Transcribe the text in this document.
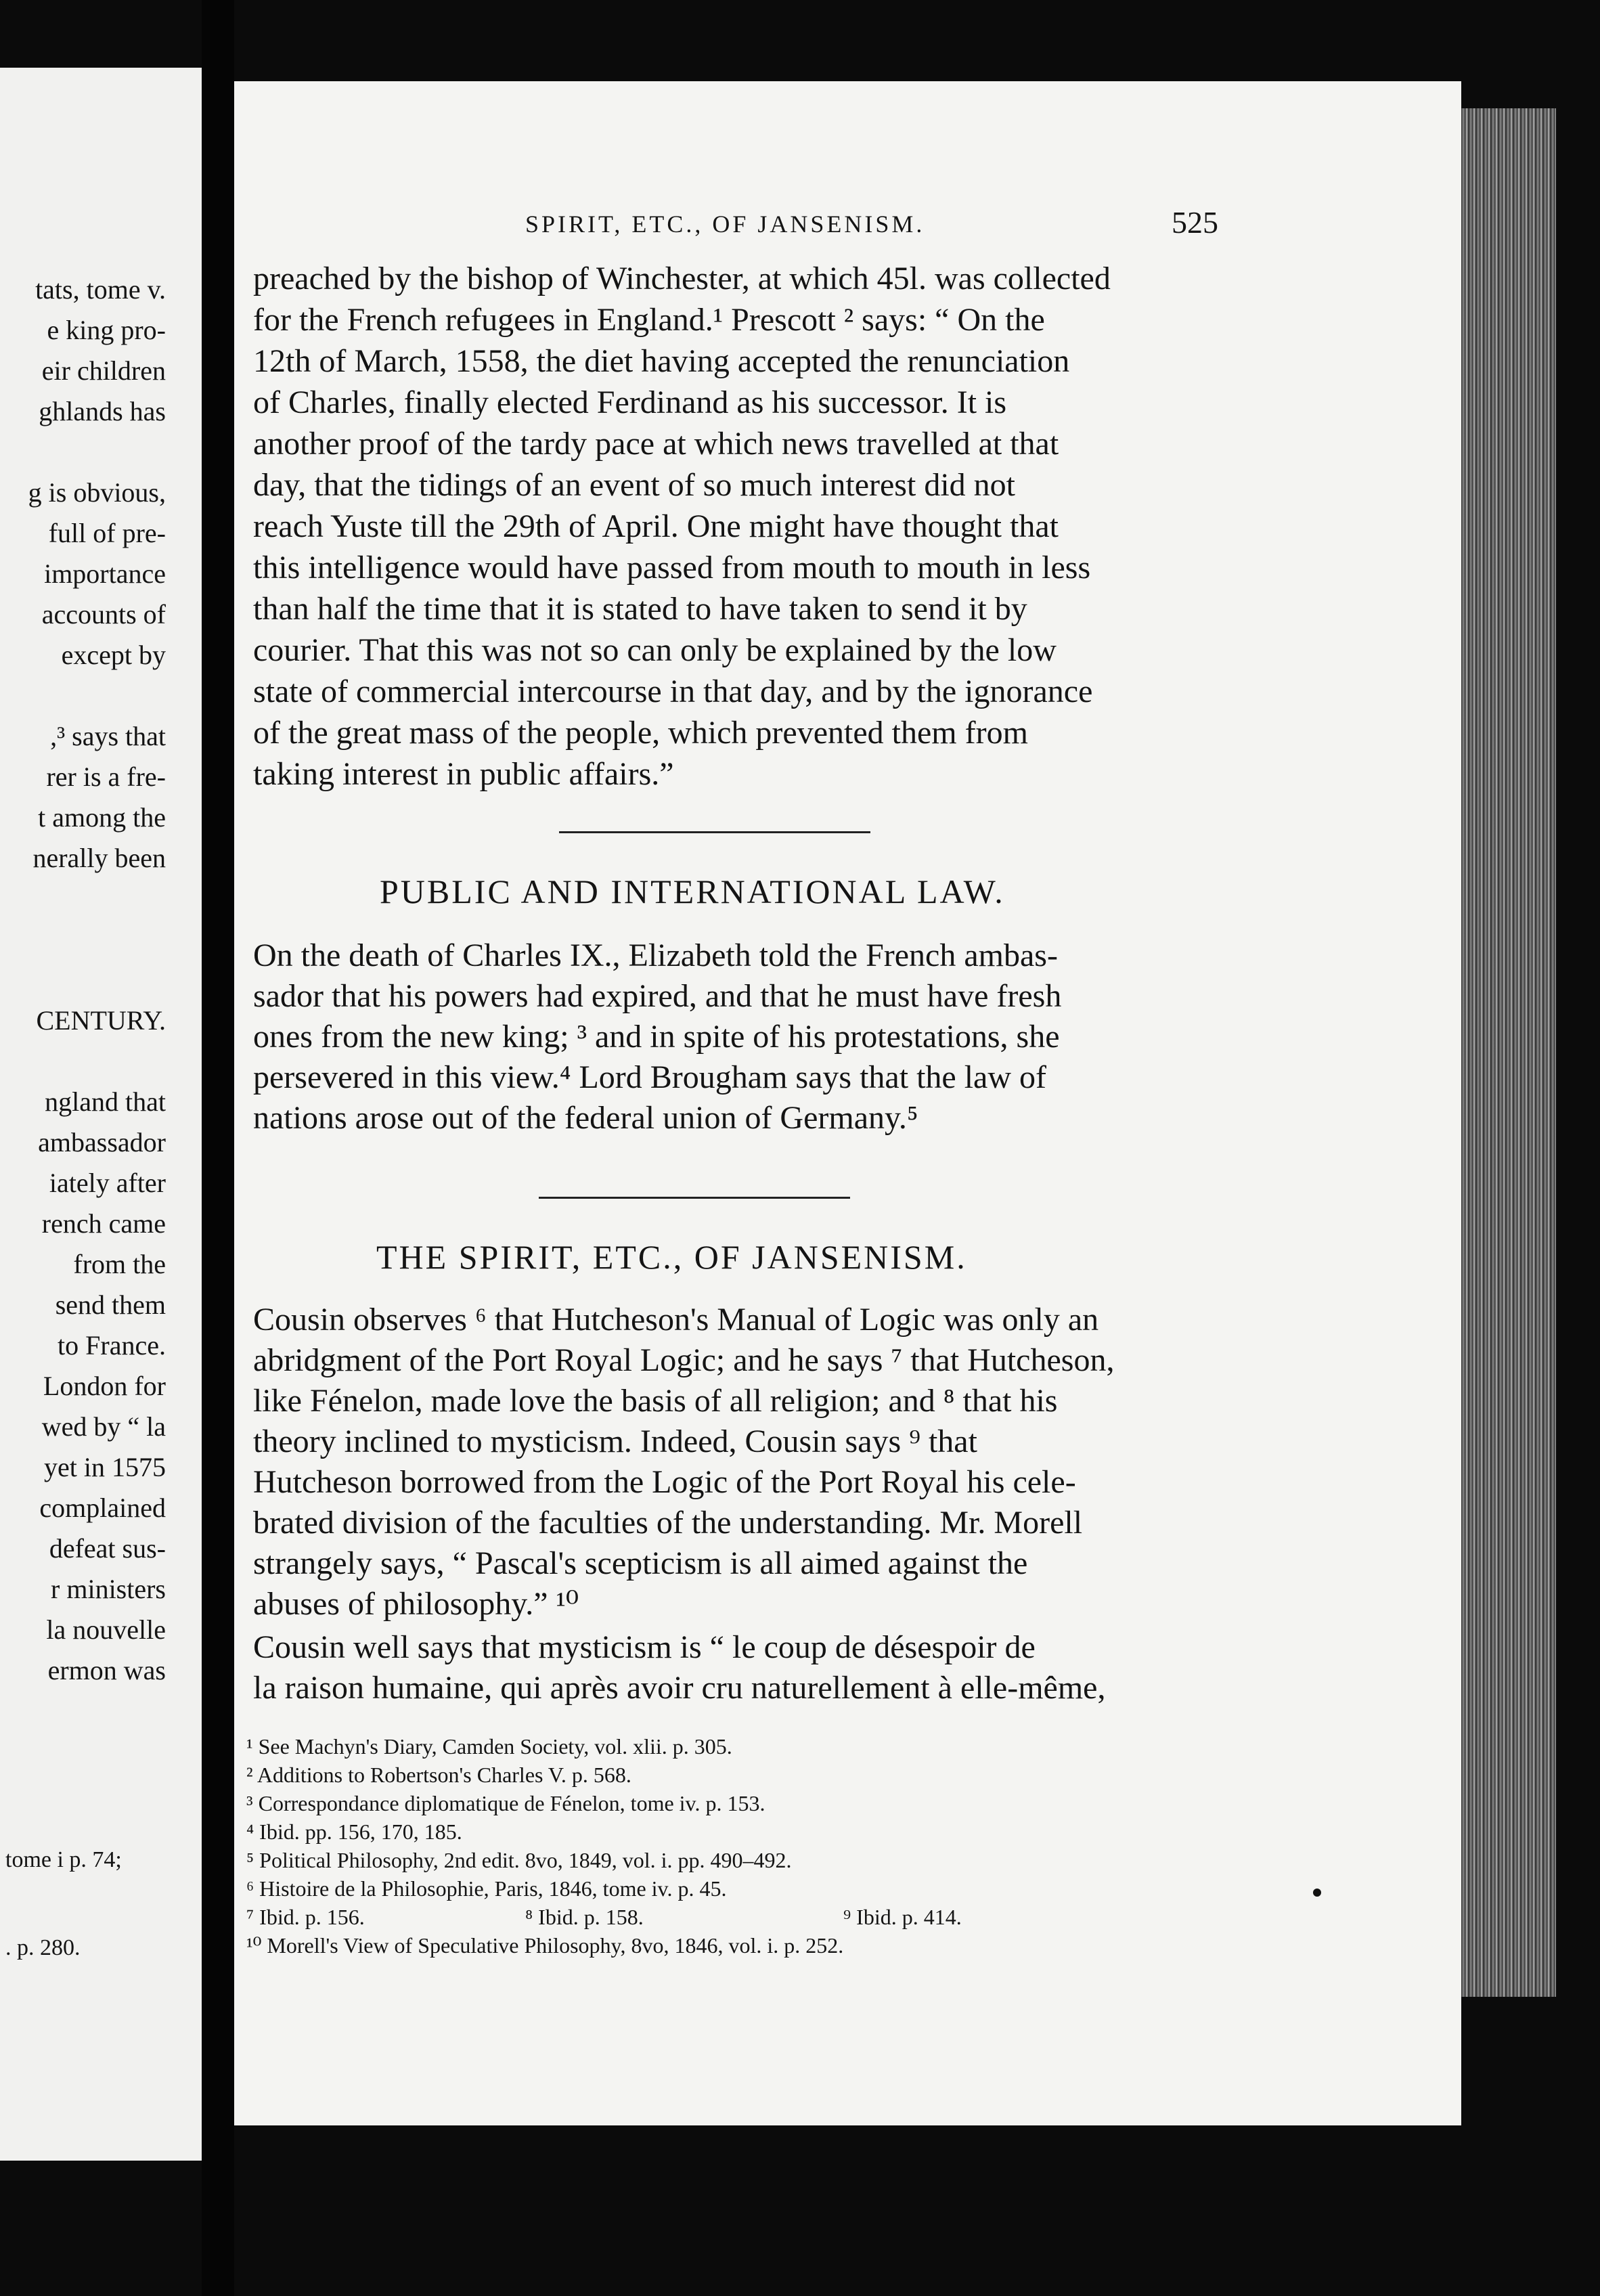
tats, tome v.
e king pro-
eir children
ghlands has
g is obvious,
full of pre-
importance
accounts of
except by
,³ says that
rer is a fre-
t among the
nerally been
CENTURY.
ngland that
ambassador
iately after
rench came
from the
send them
to France.
London for
wed by “ la
yet in 1575
complained
defeat sus-
r ministers
la nouvelle
ermon was
tome i p. 74;
. p. 280.
SPIRIT, ETC., OF JANSENISM.	525
preached by the bishop of Winchester, at which 45l. was collected
for the French refugees in England.¹ Prescott ² says: “ On the
12th of March, 1558, the diet having accepted the renunciation
of Charles, finally elected Ferdinand as his successor. It is
another proof of the tardy pace at which news travelled at that
day, that the tidings of an event of so much interest did not
reach Yuste till the 29th of April. One might have thought that
this intelligence would have passed from mouth to mouth in less
than half the time that it is stated to have taken to send it by
courier. That this was not so can only be explained by the low
state of commercial intercourse in that day, and by the ignorance
of the great mass of the people, which prevented them from
taking interest in public affairs.”
PUBLIC AND INTERNATIONAL LAW.
On the death of Charles IX., Elizabeth told the French ambas-
sador that his powers had expired, and that he must have fresh
ones from the new king; ³ and in spite of his protestations, she
persevered in this view.⁴ Lord Brougham says that the law of
nations arose out of the federal union of Germany.⁵
THE SPIRIT, ETC., OF JANSENISM.
Cousin observes ⁶ that Hutcheson's Manual of Logic was only an
abridgment of the Port Royal Logic; and he says ⁷ that Hutcheson,
like Fénelon, made love the basis of all religion; and ⁸ that his
theory inclined to mysticism. Indeed, Cousin says ⁹ that
Hutcheson borrowed from the Logic of the Port Royal his cele-
brated division of the faculties of the understanding. Mr. Morell
strangely says, “ Pascal's scepticism is all aimed against the
abuses of philosophy.” ¹⁰
Cousin well says that mysticism is “ le coup de désespoir de
la raison humaine, qui après avoir cru naturellement à elle-même,
¹ See Machyn's Diary, Camden Society, vol. xlii. p. 305.
² Additions to Robertson's Charles V. p. 568.
³ Correspondance diplomatique de Fénelon, tome iv. p. 153.
⁴ Ibid. pp. 156, 170, 185.
⁵ Political Philosophy, 2nd edit. 8vo, 1849, vol. i. pp. 490–492.
⁶ Histoire de la Philosophie, Paris, 1846, tome iv. p. 45.
⁷ Ibid. p. 156.	⁸ Ibid. p. 158.	⁹ Ibid. p. 414.
¹⁰ Morell's View of Speculative Philosophy, 8vo, 1846, vol. i. p. 252.
